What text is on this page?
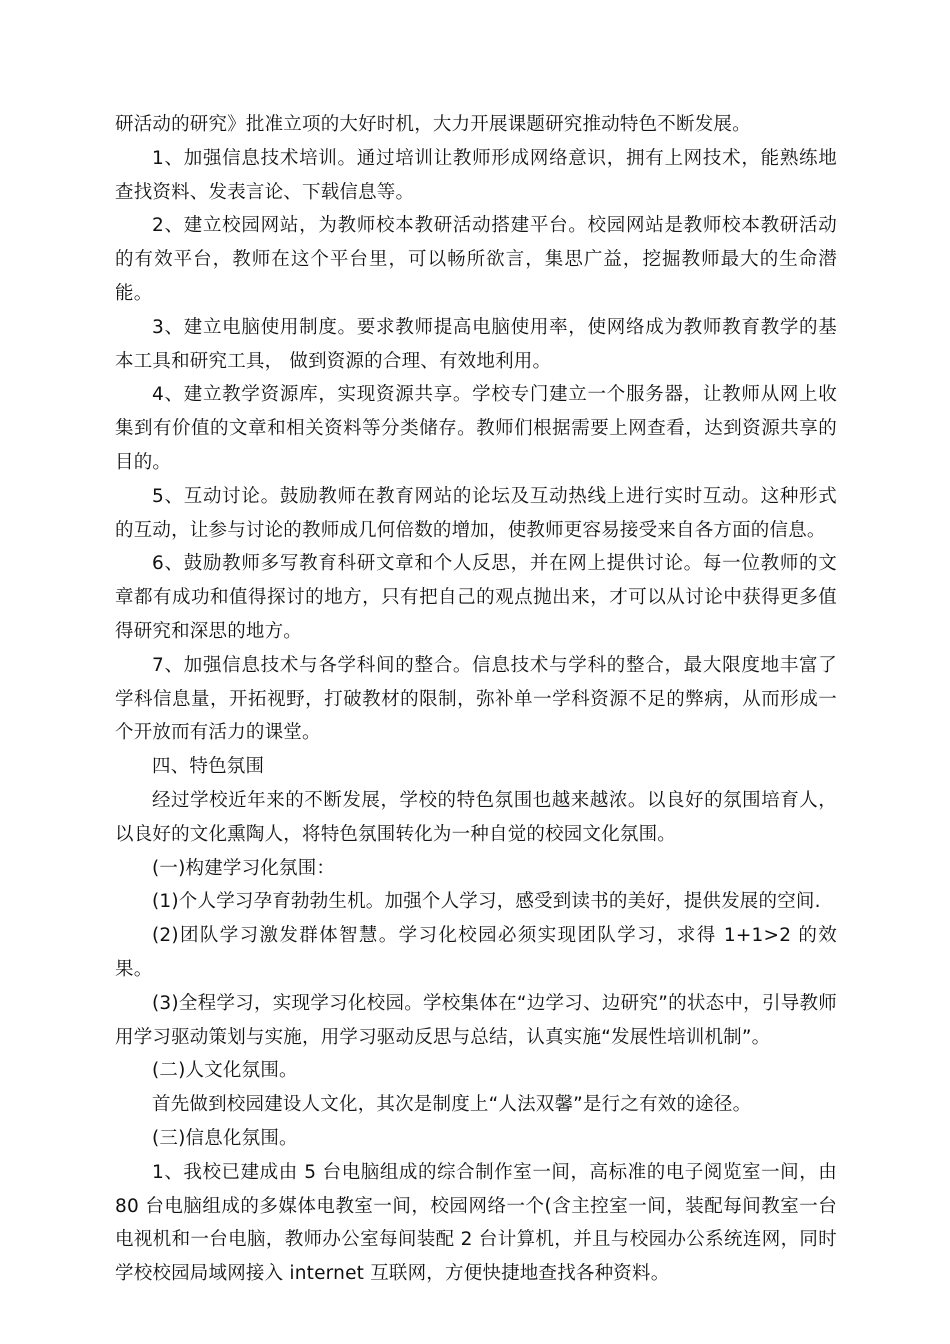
研活动的研究》批准立项的大好时机，大力开展课题研究推动特色不断发展。

1、加强信息技术培训。通过培训让教师形成网络意识，拥有上网技术，能熟练地查找资料、发表言论、下载信息等。

2、建立校园网站，为教师校本教研活动搭建平台。校园网站是教师校本教研活动的有效平台，教师在这个平台里，可以畅所欲言，集思广益，挖掘教师最大的生命潜能。

3、建立电脑使用制度。要求教师提高电脑使用率，使网络成为教师教育教学的基本工具和研究工具， 做到资源的合理、有效地利用。

4、建立教学资源库，实现资源共享。学校专门建立一个服务器，让教师从网上收集到有价值的文章和相关资料等分类储存。教师们根据需要上网查看，达到资源共享的目的。

5、互动讨论。鼓励教师在教育网站的论坛及互动热线上进行实时互动。这种形式的互动，让参与讨论的教师成几何倍数的增加，使教师更容易接受来自各方面的信息。

6、鼓励教师多写教育科研文章和个人反思，并在网上提供讨论。每一位教师的文章都有成功和值得探讨的地方，只有把自己的观点抛出来，才可以从讨论中获得更多值得研究和深思的地方。

7、加强信息技术与各学科间的整合。信息技术与学科的整合，最大限度地丰富了学科信息量，开拓视野，打破教材的限制，弥补单一学科资源不足的弊病，从而形成一个开放而有活力的课堂。

四、特色氛围

经过学校近年来的不断发展，学校的特色氛围也越来越浓。以良好的氛围培育人，以良好的文化熏陶人，将特色氛围转化为一种自觉的校园文化氛围。

(一)构建学习化氛围：

(1)个人学习孕育勃勃生机。加强个人学习，感受到读书的美好，提供发展的空间.

(2)团队学习激发群体智慧。学习化校园必须实现团队学习，求得 1+1>2 的效果。

(3)全程学习，实现学习化校园。学校集体在“边学习、边研究”的状态中，引导教师用学习驱动策划与实施，用学习驱动反思与总结，认真实施“发展性培训机制”。

(二)人文化氛围。

首先做到校园建设人文化，其次是制度上“人法双馨”是行之有效的途径。

(三)信息化氛围。

1、我校已建成由 5 台电脑组成的综合制作室一间，高标准的电子阅览室一间，由 80 台电脑组成的多媒体电教室一间，校园网络一个(含主控室一间，装配每间教室一台电视机和一台电脑，教师办公室每间装配 2 台计算机，并且与校园办公系统连网，同时学校校园局域网接入 internet 互联网，方便快捷地查找各种资料。
